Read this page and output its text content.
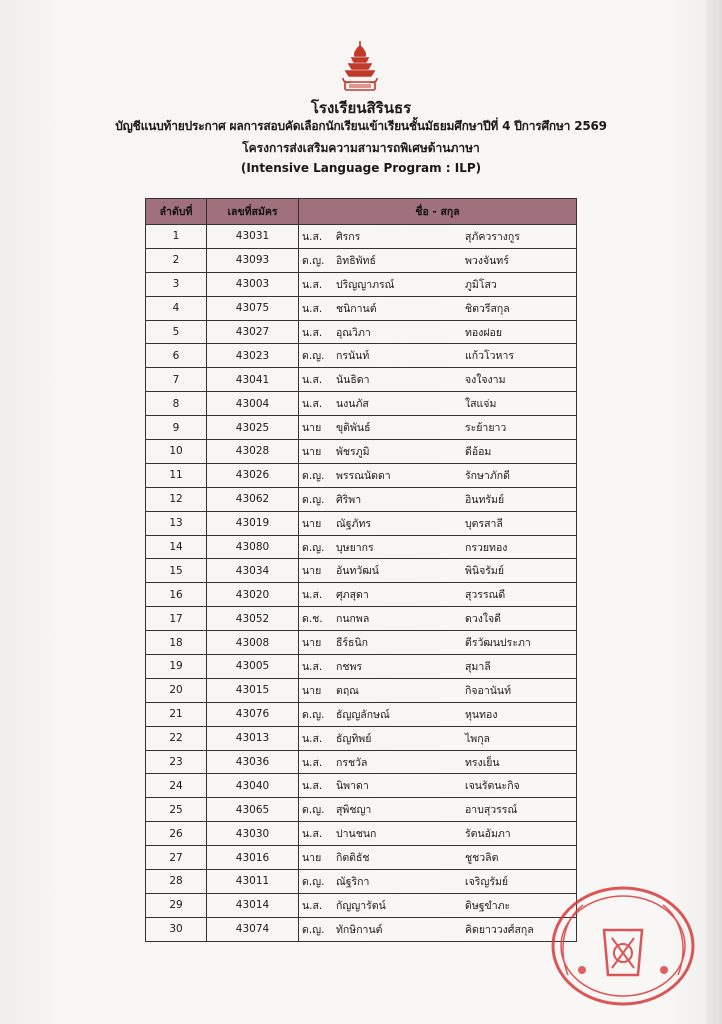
โรงเรียนสิรินธร
บัญชีแนบท้ายประกาศ ผลการสอบคัดเลือกนักเรียนเข้าเรียนชั้นมัธยมศึกษาปีที่ 4 ปีการศึกษา 2569
โครงการส่งเสริมความสามารถพิเศษด้านภาษา
(Intensive Language Program : ILP)
ลำดับที่	เลขที่สมัคร	ชื่อ - สกุล
1	43031	น.ส. ศิรกร สุภัควรางกูร
2	43093	ด.ญ. อิทธิพัทธ์ พวงจันทร์
3	43003	น.ส. ปริญญาภรณ์ ภูมิโสว
4	43075	น.ส. ชนิกานต์ ชิตวรีสกุล
5	43027	น.ส. อุณวิภา ทองฝอย
6	43023	ด.ญ. กรนันท์ แก้วโวหาร
7	43041	น.ส. นันธิดา จงใจงาม
8	43004	น.ส. นงนภัส ใสแจ่ม
9	43025	นาย ขุติพันธ์ ระย้ายาว
10	43028	นาย พัชรภูมิ ดีอ้อม
11	43026	ด.ญ. พรรณนัดดา รักษาภักดี
12	43062	ด.ญ. ศิริพา อินทรัมย์
13	43019	นาย ณัฐภัทร บุตรสาลี
14	43080	ด.ญ. บุษยากร กรวยทอง
15	43034	นาย อันทวัฒน์ พินิจรัมย์
16	43020	น.ส. ศุภสุดา สุวรรณดี
17	43052	ด.ช. กนกพล ดวงใจดี
18	43008	นาย ธีร์ธนิก ตีรวัฒนประภา
19	43005	น.ส. กชพร สุมาลี
20	43015	นาย ตฤณ กิจอานันท์
21	43076	ด.ญ. ธัญญลักษณ์ หุนทอง
22	43013	น.ส. ธัญทิพย์ ไพกุล
23	43036	น.ส. กรชวัล ทรงเย็น
24	43040	น.ส. นิพาดา เจนรัตนะกิจ
25	43065	ด.ญ. สุพิชญา อาบสุวรรณ์
26	43030	น.ส. ปานชนก รัตนอัมภา
27	43016	นาย กิตติธัช ชูชวลิต
28	43011	ด.ญ. ณัฐริกา เจริญรัมย์
29	43014	น.ส. กัญญารัตน์ ดิษฐขำภะ
30	43074	ด.ญ. ทักษิกานต์ คิดยาววงศ์สกุล
